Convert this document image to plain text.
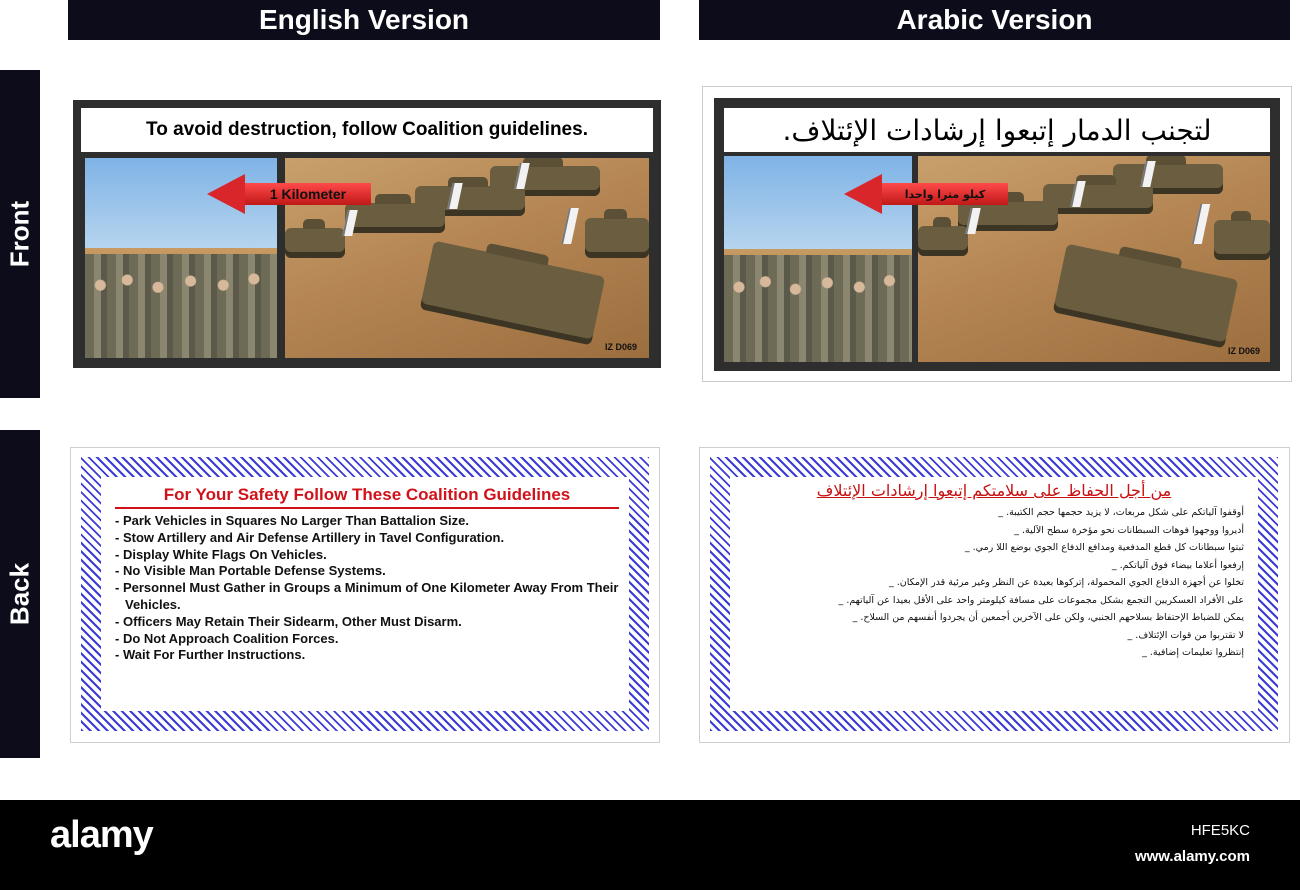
English Version	Arabic Version
Front
Back
To avoid destruction, follow Coalition guidelines.
IZ D069
1 Kilometer
لتجنب الدمار إتبعوا إرشادات الإئتلاف.
IZ D069
كيلو مترا واحدا
For Your Safety Follow These Coalition Guidelines
- Park Vehicles in Squares No Larger Than Battalion Size.
- Stow Artillery and Air Defense Artillery in Tavel Configuration.
- Display White Flags On Vehicles.
- No Visible Man Portable Defense Systems.
- Personnel Must Gather in Groups a Minimum of One Kilometer Away From Their Vehicles.
- Officers May Retain Their Sidearm, Other Must Disarm.
- Do Not Approach Coalition Forces.
- Wait For Further Instructions.
من أجل الحفاظ على سلامتكم إتبعوا إرشادات الإئتلاف
أوقفوا آلياتكم على شكل مربعات، لا يزيد حجمها حجم الكتيبة. _
أديروا ووجهوا فوهات السبطانات نحو مؤخرة سطح الآلية. _
ثبتوا سبطانات كل قطع المدفعية ومدافع الدفاع الجوي بوضع اللا رمي. _
إرفعوا أعلاما بيضاء فوق آلياتكم. _
تخلوا عن أجهزة الدفاع الجوي المحمولة، إتركوها بعيدة عن النظر وغير مرئية قدر الإمكان. _
على الأفراد العسكريين التجمع بشكل مجموعات على مسافة كيلومتر واحد على الأقل بعيدا عن آلياتهم. _
يمكن للضباط الإحتفاظ بسلاحهم الجنبي، ولكن على الآخرين أجمعين أن يجردوا أنفسهم من السلاح. _
لا تقتربوا من قوات الإئتلاف. _
إنتظروا تعليمات إضافية. _
alamy	HFE5KC
www.alamy.com
